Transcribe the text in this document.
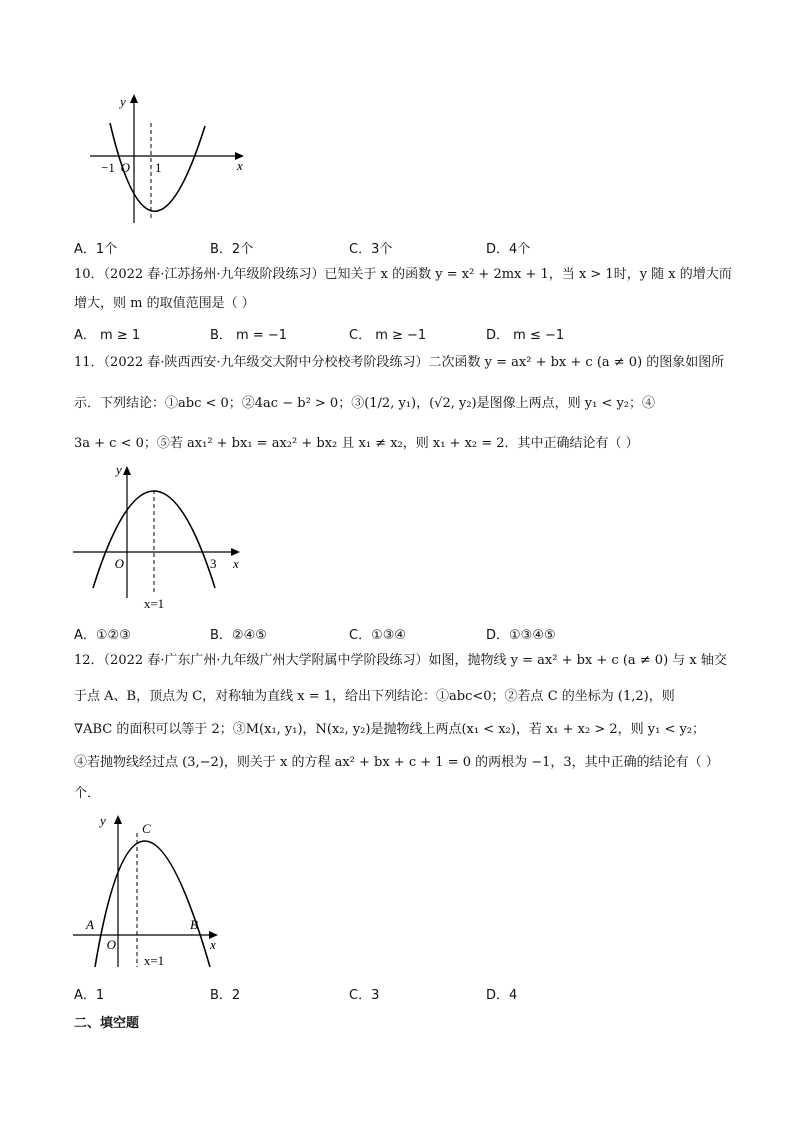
y
x
O
−1	1
A．1个	B．2个	C．3个	D．4个
10．（2022 春·江苏扬州·九年级阶段练习）已知关于 x 的函数 y = x² + 2mx + 1，当 x > 1时，y 随 x 的增大而
增大，则 m 的取值范围是（ ）
A． m ≥ 1	B． m = −1	C． m ≥ −1	D． m ≤ −1
11．（2022 春·陕西西安·九年级交大附中分校校考阶段练习）二次函数 y = ax² + bx + c (a ≠ 0) 的图象如图所
示．下列结论：①abc < 0；②4ac − b² > 0；③(1/2, y₁)，(√2, y₂)是图像上两点，则 y₁ < y₂；④
3a + c < 0；⑤若 ax₁² + bx₁ = ax₂² + bx₂ 且 x₁ ≠ x₂，则 x₁ + x₂ = 2．其中正确结论有（ ）
y
x
O	3
x=1
A．①②③	B．②④⑤	C．①③④	D．①③④⑤
12．（2022 春·广东广州·九年级广州大学附属中学阶段练习）如图，抛物线 y = ax² + bx + c (a ≠ 0) 与 x 轴交
于点 A、B，顶点为 C，对称轴为直线 x = 1，给出下列结论：①abc<0；②若点 C 的坐标为 (1,2)，则
∇ABC 的面积可以等于 2；③M(x₁, y₁)，N(x₂, y₂)是抛物线上两点(x₁ < x₂)，若 x₁ + x₂ > 2，则 y₁ < y₂；
④若抛物线经过点 (3,−2)，则关于 x 的方程 ax² + bx + c + 1 = 0 的两根为 −1，3，其中正确的结论有（ ）
个．
y
x
O
A	B
C
x=1
A．1	B．2	C．3	D．4
二、填空题
